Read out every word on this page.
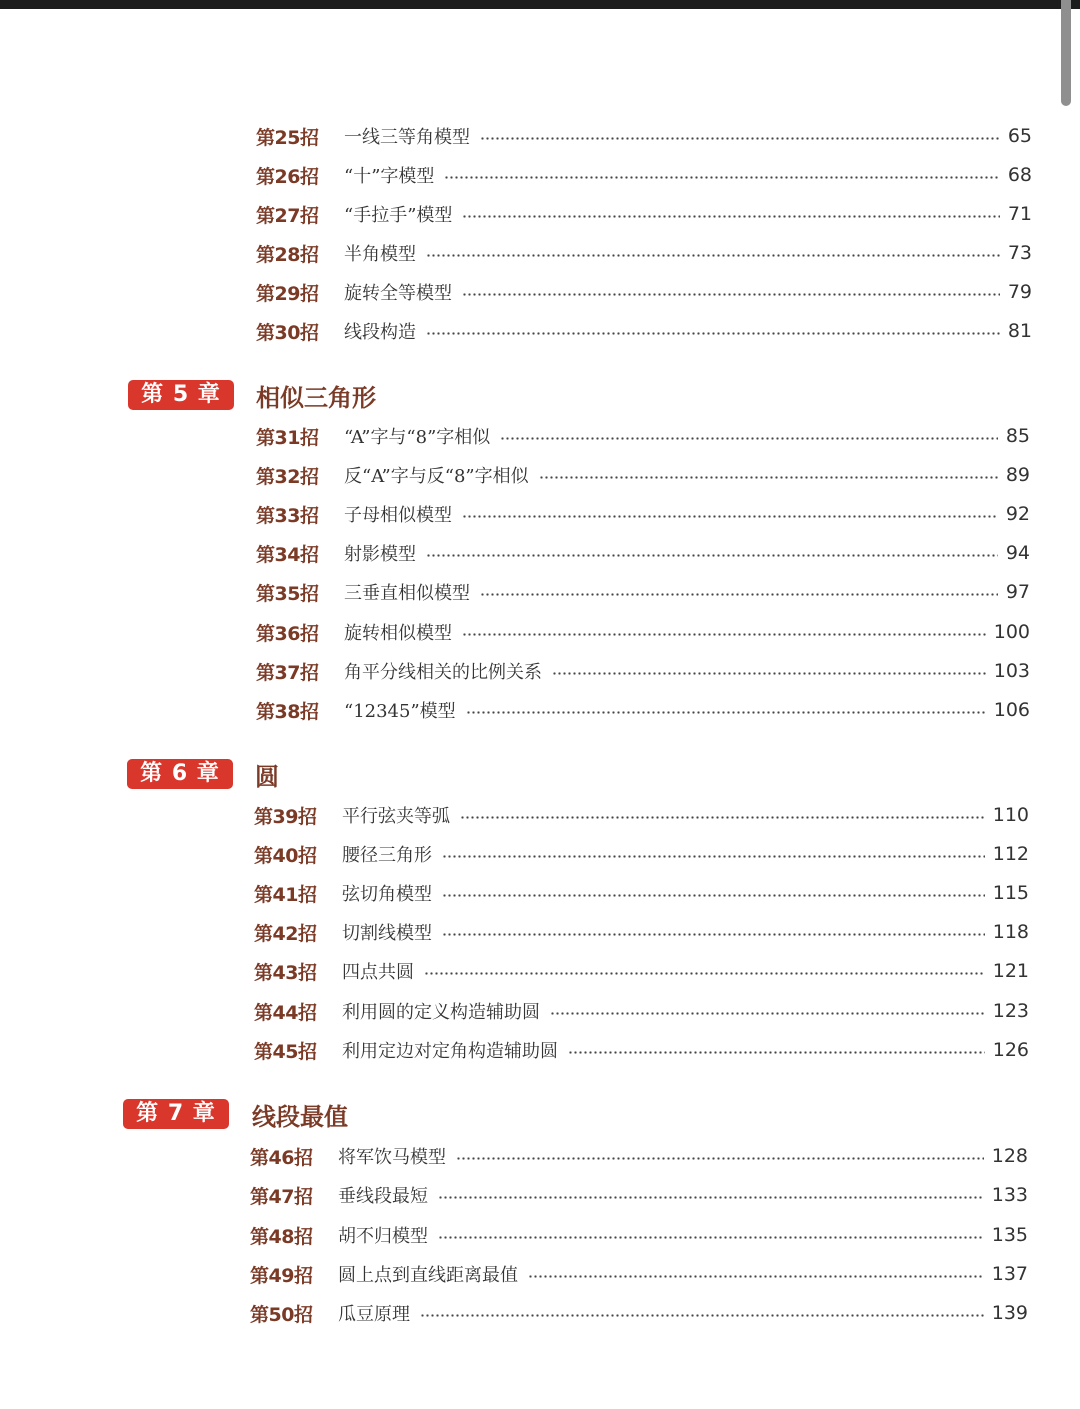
第25招	一线三等角模型	65
第26招	“十”字模型	68
第27招	“手拉手”模型	71
第28招	半角模型	73
第29招	旋转全等模型	79
第30招	线段构造	81
第 5 章	相似三角形
第31招	“A”字与“8”字相似	85
第32招	反“A”字与反“8”字相似	89
第33招	子母相似模型	92
第34招	射影模型	94
第35招	三垂直相似模型	97
第36招	旋转相似模型	100
第37招	角平分线相关的比例关系	103
第38招	“12345”模型	106
第 6 章	圆
第39招	平行弦夹等弧	110
第40招	腰径三角形	112
第41招	弦切角模型	115
第42招	切割线模型	118
第43招	四点共圆	121
第44招	利用圆的定义构造辅助圆	123
第45招	利用定边对定角构造辅助圆	126
第 7 章	线段最值
第46招	将军饮马模型	128
第47招	垂线段最短	133
第48招	胡不归模型	135
第49招	圆上点到直线距离最值	137
第50招	瓜豆原理	139
